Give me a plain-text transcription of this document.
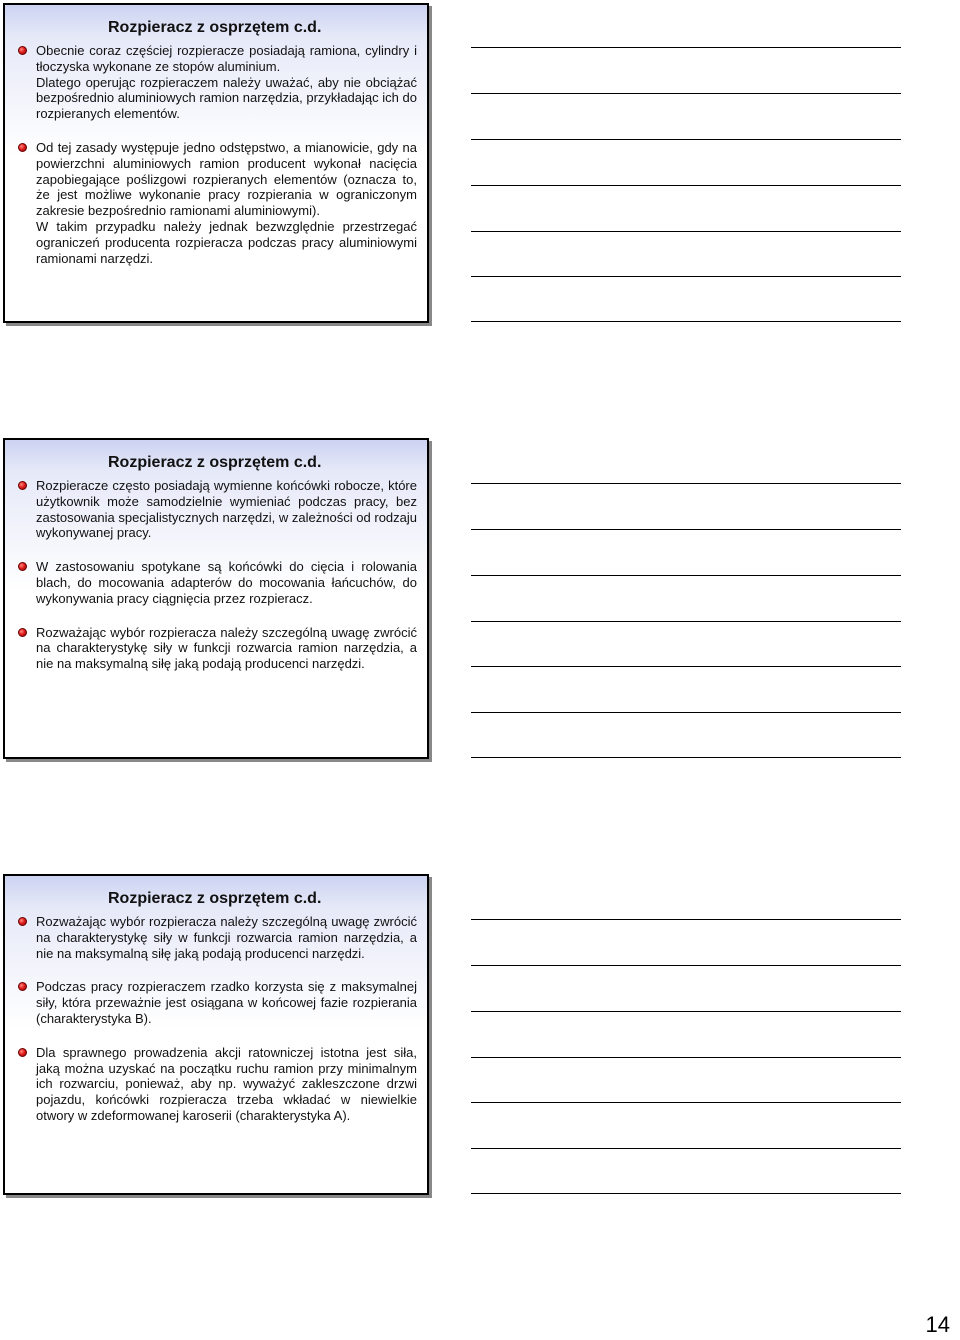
Rozpieracz z osprzętem c.d.
Obecnie coraz częściej rozpieracze posiadają ramiona, cylindry i tłoczyska wykonane ze stopów aluminium.
Dlatego operując rozpieraczem należy uważać, aby nie obciążać bezpośrednio aluminiowych ramion narzędzia, przykładając ich do rozpieranych elementów.
Od tej zasady występuje jedno odstępstwo, a mianowicie, gdy na powierzchni aluminiowych ramion producent wykonał nacięcia zapobiegające poślizgowi rozpieranych elementów (oznacza to, że jest możliwe wykonanie pracy rozpierania w ograniczonym zakresie bezpośrednio ramionami aluminiowymi).
W takim przypadku należy jednak bezwzględnie przestrzegać ograniczeń producenta rozpieracza podczas pracy aluminiowymi ramionami narzędzi.
Rozpieracz z osprzętem c.d.
Rozpieracze często posiadają wymienne końcówki robocze, które użytkownik może samodzielnie wymieniać podczas pracy, bez zastosowania specjalistycznych narzędzi, w zależności od rodzaju wykonywanej pracy.
W zastosowaniu spotykane są końcówki do cięcia i rolowania blach, do mocowania adapterów do mocowania łańcuchów, do wykonywania pracy ciągnięcia przez rozpieracz.
Rozważając wybór rozpieracza należy szczególną uwagę zwrócić na charakterystykę siły w funkcji rozwarcia ramion narzędzia, a nie na maksymalną siłę jaką podają producenci narzędzi.
Rozpieracz z osprzętem c.d.
Rozważając wybór rozpieracza należy szczególną uwagę zwrócić na charakterystykę siły w funkcji rozwarcia ramion narzędzia, a nie na maksymalną siłę jaką podają producenci narzędzi.
Podczas pracy rozpieraczem rzadko korzysta się z maksymalnej siły, która przeważnie jest osiągana w końcowej fazie rozpierania (charakterystyka B).
Dla sprawnego prowadzenia akcji ratowniczej istotna jest siła, jaką można uzyskać na początku ruchu ramion przy minimalnym ich rozwarciu, ponieważ, aby np. wyważyć zakleszczone drzwi pojazdu, końcówki rozpieracza trzeba wkładać w niewielkie otwory w zdeformowanej karoserii (charakterystyka A).
14
